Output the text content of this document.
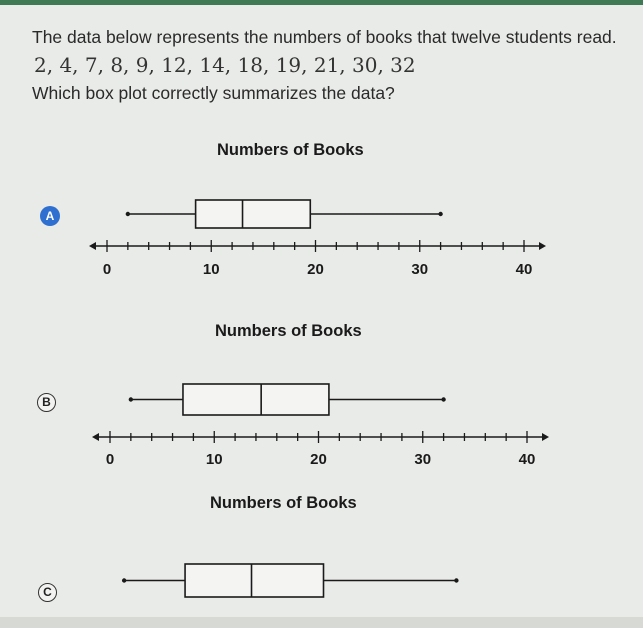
The data below represents the numbers of books that twelve students read.
2, 4, 7, 8, 9, 12, 14, 18, 19, 21, 30, 32
Which box plot correctly summarizes the data?
Numbers of Books
A
0	10	20	30	40
Numbers of Books
B
0	10	20	30	40
Numbers of Books
C
